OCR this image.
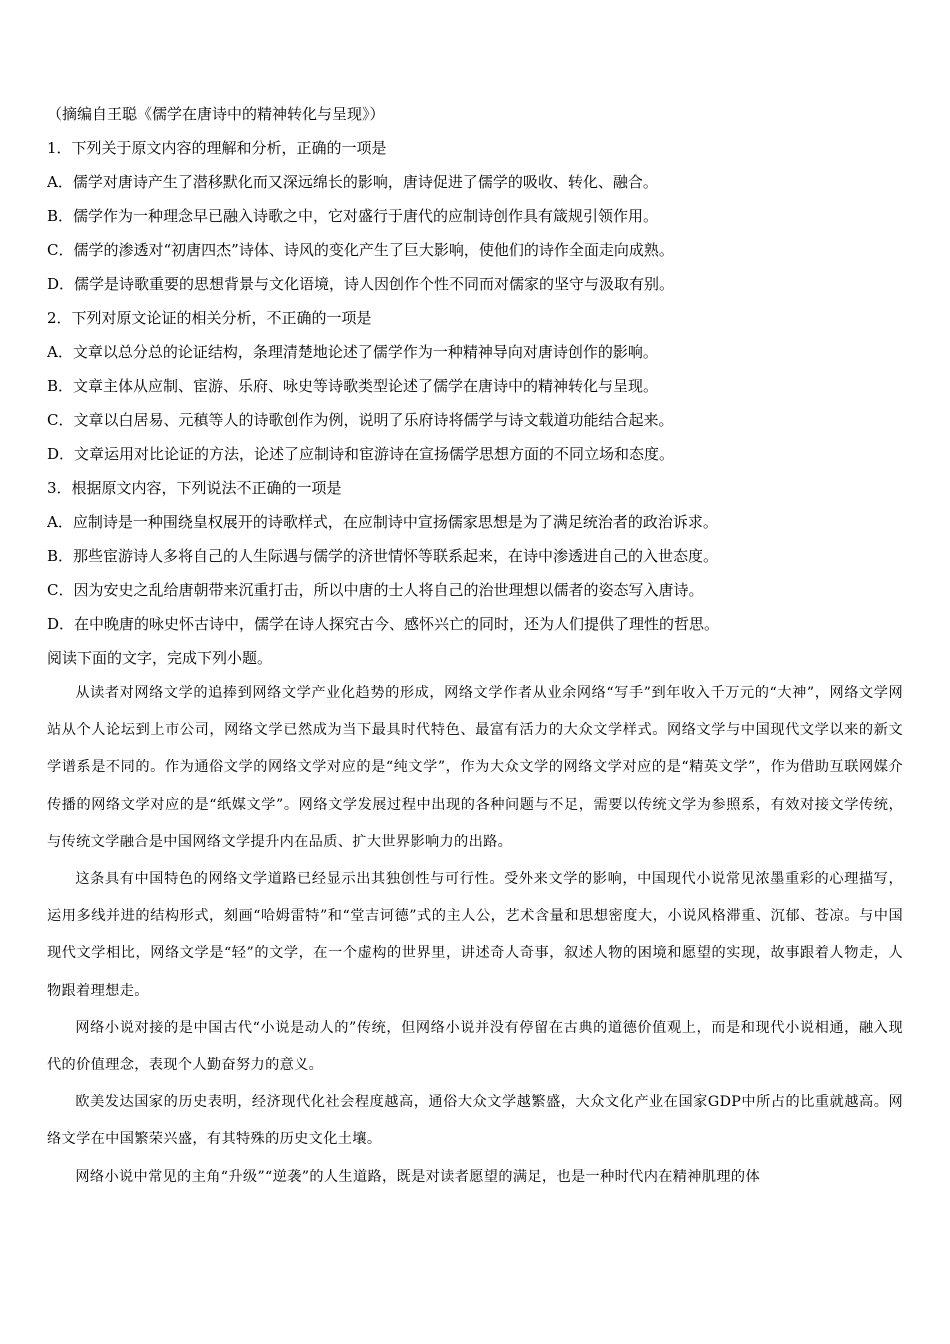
（摘编自王聪《儒学在唐诗中的精神转化与呈现》）
1．下列关于原文内容的理解和分析，正确的一项是
A．儒学对唐诗产生了潜移默化而又深远绵长的影响，唐诗促进了儒学的吸收、转化、融合。
B．儒学作为一种理念早已融入诗歌之中，它对盛行于唐代的应制诗创作具有箴规引领作用。
C．儒学的渗透对“初唐四杰”诗体、诗风的变化产生了巨大影响，使他们的诗作全面走向成熟。
D．儒学是诗歌重要的思想背景与文化语境，诗人因创作个性不同而对儒家的坚守与汲取有别。
2．下列对原文论证的相关分析，不正确的一项是
A．文章以总分总的论证结构，条理清楚地论述了儒学作为一种精神导向对唐诗创作的影响。
B．文章主体从应制、宦游、乐府、咏史等诗歌类型论述了儒学在唐诗中的精神转化与呈现。
C．文章以白居易、元稹等人的诗歌创作为例，说明了乐府诗将儒学与诗文载道功能结合起来。
D．文章运用对比论证的方法，论述了应制诗和宦游诗在宣扬儒学思想方面的不同立场和态度。
3．根据原文内容，下列说法不正确的一项是
A．应制诗是一种围绕皇权展开的诗歌样式，在应制诗中宣扬儒家思想是为了满足统治者的政治诉求。
B．那些宦游诗人多将自己的人生际遇与儒学的济世情怀等联系起来，在诗中渗透进自己的入世态度。
C．因为安史之乱给唐朝带来沉重打击，所以中唐的士人将自己的治世理想以儒者的姿态写入唐诗。
D．在中晚唐的咏史怀古诗中，儒学在诗人探究古今、感怀兴亡的同时，还为人们提供了理性的哲思。
阅读下面的文字，完成下列小题。

从读者对网络文学的追捧到网络文学产业化趋势的形成，网络文学作者从业余网络“写手”到年收入千万元的“大神”，网络文学网站从个人论坛到上市公司，网络文学已然成为当下最具时代特色、最富有活力的大众文学样式。网络文学与中国现代文学以来的新文学谱系是不同的。作为通俗文学的网络文学对应的是“纯文学”，作为大众文学的网络文学对应的是“精英文学”，作为借助互联网媒介传播的网络文学对应的是“纸媒文学”。网络文学发展过程中出现的各种问题与不足，需要以传统文学为参照系，有效对接文学传统，与传统文学融合是中国网络文学提升内在品质、扩大世界影响力的出路。

这条具有中国特色的网络文学道路已经显示出其独创性与可行性。受外来文学的影响，中国现代小说常见浓墨重彩的心理描写，运用多线并进的结构形式，刻画“哈姆雷特”和“堂吉诃德”式的主人公，艺术含量和思想密度大，小说风格滞重、沉郁、苍凉。与中国现代文学相比，网络文学是“轻”的文学，在一个虚构的世界里，讲述奇人奇事，叙述人物的困境和愿望的实现，故事跟着人物走，人物跟着理想走。

网络小说对接的是中国古代“小说是动人的”传统，但网络小说并没有停留在古典的道德价值观上，而是和现代小说相通，融入现代的价值理念，表现个人勤奋努力的意义。

欧美发达国家的历史表明，经济现代化社会程度越高，通俗大众文学越繁盛，大众文化产业在国家GDP中所占的比重就越高。网络文学在中国繁荣兴盛，有其特殊的历史文化土壤。

网络小说中常见的主角“升级”“逆袭”的人生道路，既是对读者愿望的满足，也是一种时代内在精神肌理的体
